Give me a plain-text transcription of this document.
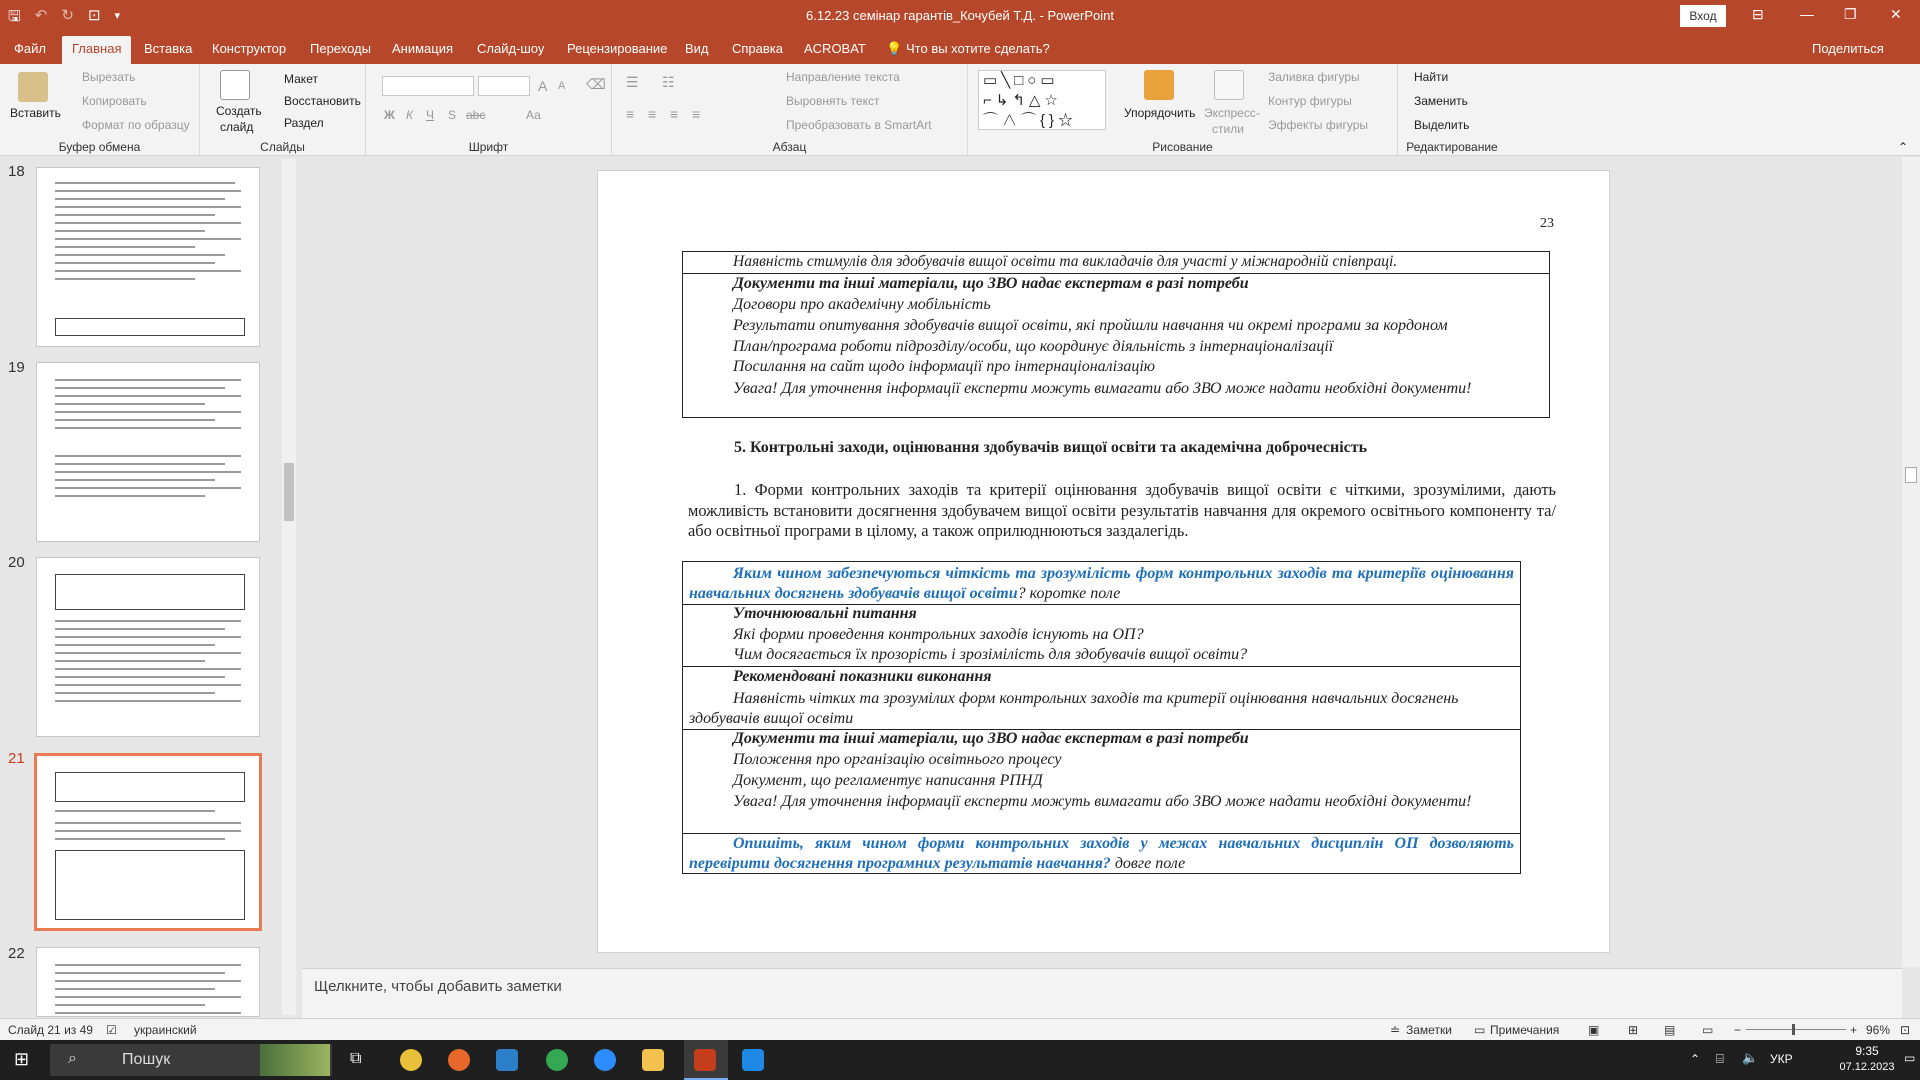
🖫 ↶ ↻ ⊡ ▾	6.12.23 семінар гарантів_Кочубей Т.Д. - PowerPoint	Вход	⊟	— ❐ ✕
Файл	Главная	Вставка Конструктор Переходы Анимация Слайд-шоу Рецензирование Вид Справка ACROBAT 💡 Что вы хотите сделать?	Поделиться
Вставить
Вырезать
Копировать
Формат по образцу
Буфер обмена
Создать
слайд
Макет
Восстановить
Раздел
Слайды
A A ⌫
Ж К Ч S abc	Аа
Шрифт
☰ ☷
≡ ≡ ≡ ≡
Направление текста
Выровнять текст
Преобразовать в SmartArt
Абзац
▭╲□○▭
⌐↳↰△☆
⌒∧⌒{}☆	Упорядочить Экспресс-
стили
Заливка фигуры
Контур фигуры
Эффекты фигуры
Рисование
Найти
Заменить
Выделить
Редактирование	⌃
18
19
20
21
22
23
Наявність стимулів для здобувачів вищої освіти та викладачів для участі у міжнародній співпраці.
Документи та інші матеріали, що ЗВО надає експертам в разі потреби
Договори про академічну мобільність
Результати опитування здобувачів вищої освіти, які пройшли навчання чи окремі програми за кордоном
План/програма роботи підрозділу/особи, що координує діяльність з інтернаціоналізації
Посилання на сайт щодо інформації про інтернаціоналізацію
Увага! Для уточнення інформації експерти можуть вимагати або ЗВО може надати необхідні документи!
5. Контрольні заходи, оцінювання здобувачів вищої освіти та академічна доброчесність
1. Форми контрольних заходів та критерії оцінювання здобувачів вищої освіти є чіткими, зрозумілими, дають можливість встановити досягнення здобувачем вищої освіти результатів навчання для окремого освітнього компоненту та/або освітньої програми в цілому, а також оприлюднюються заздалегідь.
Яким чином забезпечуються чіткість та зрозумілість форм контрольних заходів та критеріїв оцінювання навчальних досягнень здобувачів вищої освіти? коротке поле
Уточнюювальні питання
Які форми проведення контрольних заходів існують на ОП?
Чим досягається їх прозорість і зрозімілість для здобувачів вищої освіти?
Рекомендовані показники виконання
Наявність чітких та зрозумілих форм контрольних заходів та критерії оцінювання навчальних досягнень здобувачів вищої освіти
Документи та інші матеріали, що ЗВО надає експертам в разі потреби
Положення про організацію освітнього процесу
Документ, що регламентує написання РПНД
Увага! Для уточнення інформації експерти можуть вимагати або ЗВО може надати необхідні документи!
Опишіть, яким чином форми контрольних заходів у межах навчальних дисциплін ОП дозволяють перевірити досягнення програмних результатів навчання? довге поле
Щелкните, чтобы добавить заметки
Слайд 21 из 49 ☑ украинский	≐ Заметки ▭ Примечания ▣ ⊞ ▤ ▭ −	+ 96% ⊡
⊞	Пошук
⌕	⧉	⌃ ⌸ 🔈 УКР
9:35
07.12.2023
▭
